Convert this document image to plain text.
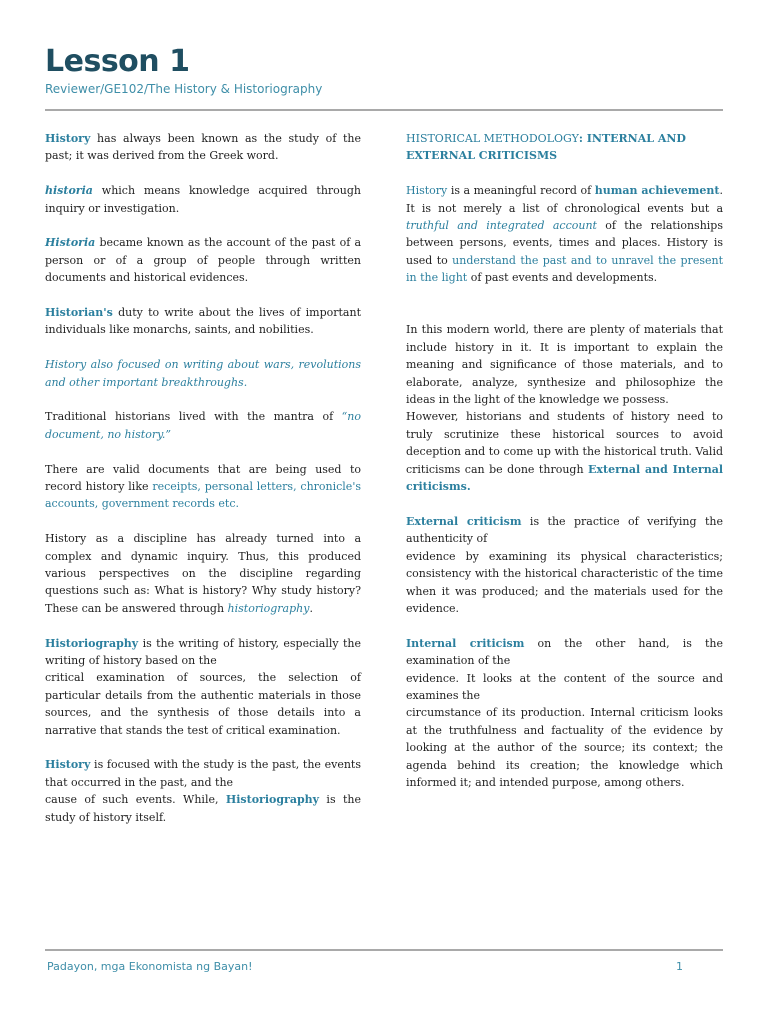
Lesson 1
Reviewer/GE102/The History & Historiography

History has always been known as the study of the past; it was derived from the Greek word.

historia which means knowledge acquired through inquiry or investigation.

Historia became known as the account of the past of a person or of a group of people through written documents and historical evidences.

Historian's duty to write about the lives of important individuals like monarchs, saints, and nobilities.

History also focused on writing about wars, revolutions and other important breakthroughs.

Traditional historians lived with the mantra of “no document, no history.”

There are valid documents that are being used to record history like receipts, personal letters, chronicle's accounts, government records etc.

History as a discipline has already turned into a complex and dynamic inquiry. Thus, this produced various perspectives on the discipline regarding questions such as: What is history? Why study history? These can be answered through historiography.

Historiography is the writing of history, especially the writing of history based on the
critical examination of sources, the selection of particular details from the authentic materials in those sources, and the synthesis of those details into a narrative that stands the test of critical examination.

History is focused with the study is the past, the events that occurred in the past, and the
cause of such events. While, Historiography is the study of history itself.

HISTORICAL METHODOLOGY: INTERNAL AND EXTERNAL CRITICISMS

History is a meaningful record of human achievement. It is not merely a list of chronological events but a truthful and integrated account of the relationships between persons, events, times and places. History is used to understand the past and to unravel the present in the light of past events and developments.

In this modern world, there are plenty of materials that include history in it. It is important to explain the meaning and significance of those materials, and to elaborate, analyze, synthesize and philosophize the ideas in the light of the knowledge we possess.

However, historians and students of history need to truly scrutinize these historical sources to avoid deception and to come up with the historical truth. Valid criticisms can be done through External and Internal criticisms.

External criticism is the practice of verifying the authenticity of
evidence by examining its physical characteristics; consistency with the historical characteristic of the time when it was produced; and the materials used for the evidence.

Internal criticism on the other hand, is the examination of the
evidence. It looks at the content of the source and examines the
circumstance of its production. Internal criticism looks at the truthfulness and factuality of the evidence by looking at the author of the source; its context; the agenda behind its creation; the knowledge which informed it; and intended purpose, among others.

Padayon, mga Ekonomista ng Bayan!	1
